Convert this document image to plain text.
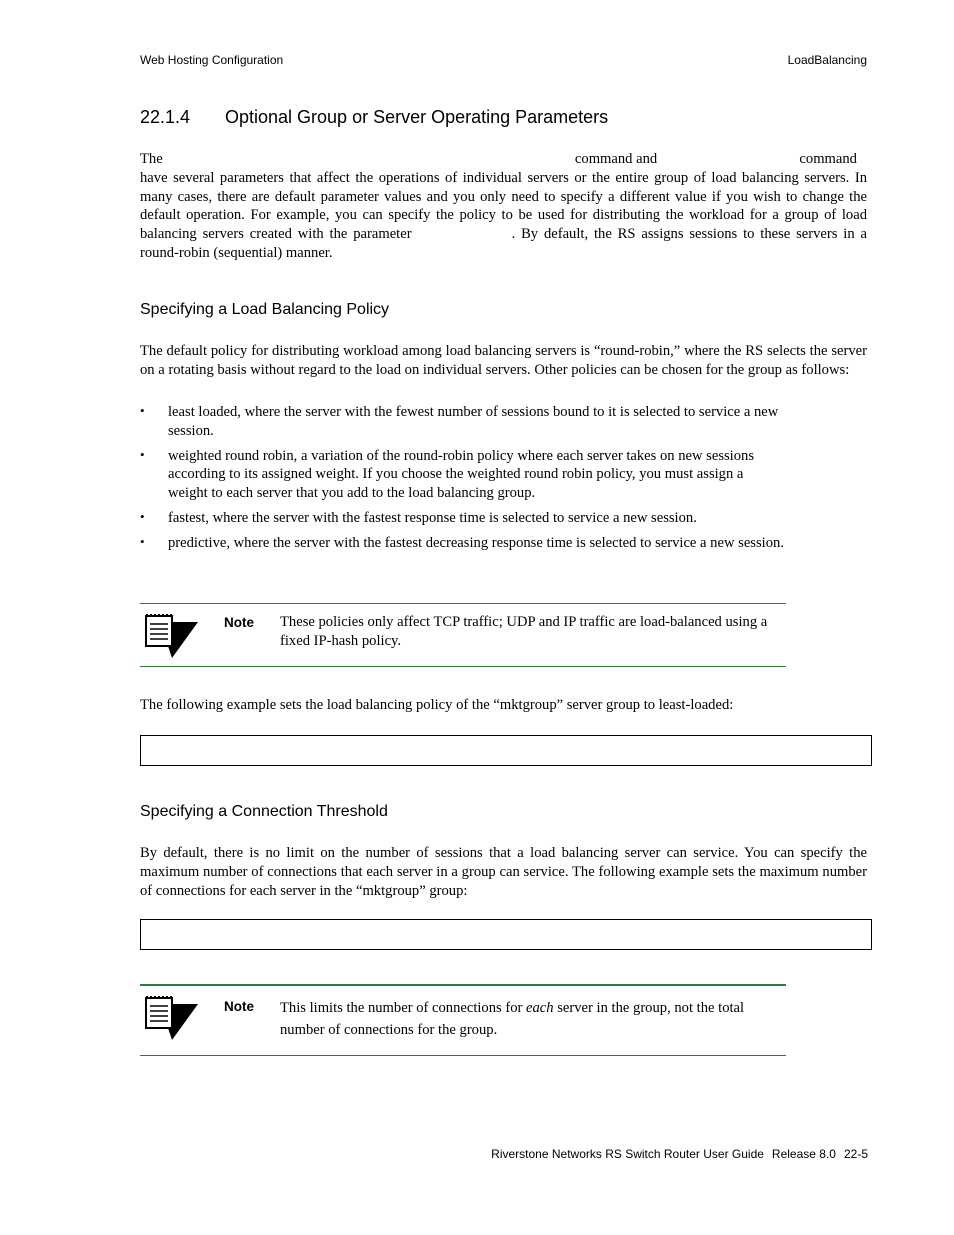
Web Hosting Configuration	LoadBalancing
22.1.4 Optional Group or Server Operating Parameters
The	command and	command
have several parameters that affect the operations of individual servers or the entire group of load balancing servers. In many cases, there are default parameter values and you only need to specify a different value if you wish to change the default operation. For example, you can specify the policy to be used for distributing the workload for a group of load balancing servers created with the parameter	. By default, the RS assigns sessions to these servers in a round-robin (sequential) manner.
Specifying a Load Balancing Policy
The default policy for distributing workload among load balancing servers is “round-robin,” where the RS selects the server on a rotating basis without regard to the load on individual servers. Other policies can be chosen for the group as follows:
• least loaded, where the server with the fewest number of sessions bound to it is selected to service a new session.
• weighted round robin, a variation of the round-robin policy where each server takes on new sessions according to its assigned weight. If you choose the weighted round robin policy, you must assign a weight to each server that you add to the load balancing group.
• fastest, where the server with the fastest response time is selected to service a new session.
• predictive, where the server with the fastest decreasing response time is selected to service a new session.
Note These policies only affect TCP traffic; UDP and IP traffic are load-balanced using a fixed IP-hash policy.
The following example sets the load balancing policy of the “mktgroup” server group to least-loaded:
Specifying a Connection Threshold
By default, there is no limit on the number of sessions that a load balancing server can service. You can specify the maximum number of connections that each server in a group can service. The following example sets the maximum number of connections for each server in the “mktgroup” group:
Note This limits the number of connections for each server in the group, not the total number of connections for the group.
Riverstone Networks RS Switch Router User Guide Release 8.0 22-5
